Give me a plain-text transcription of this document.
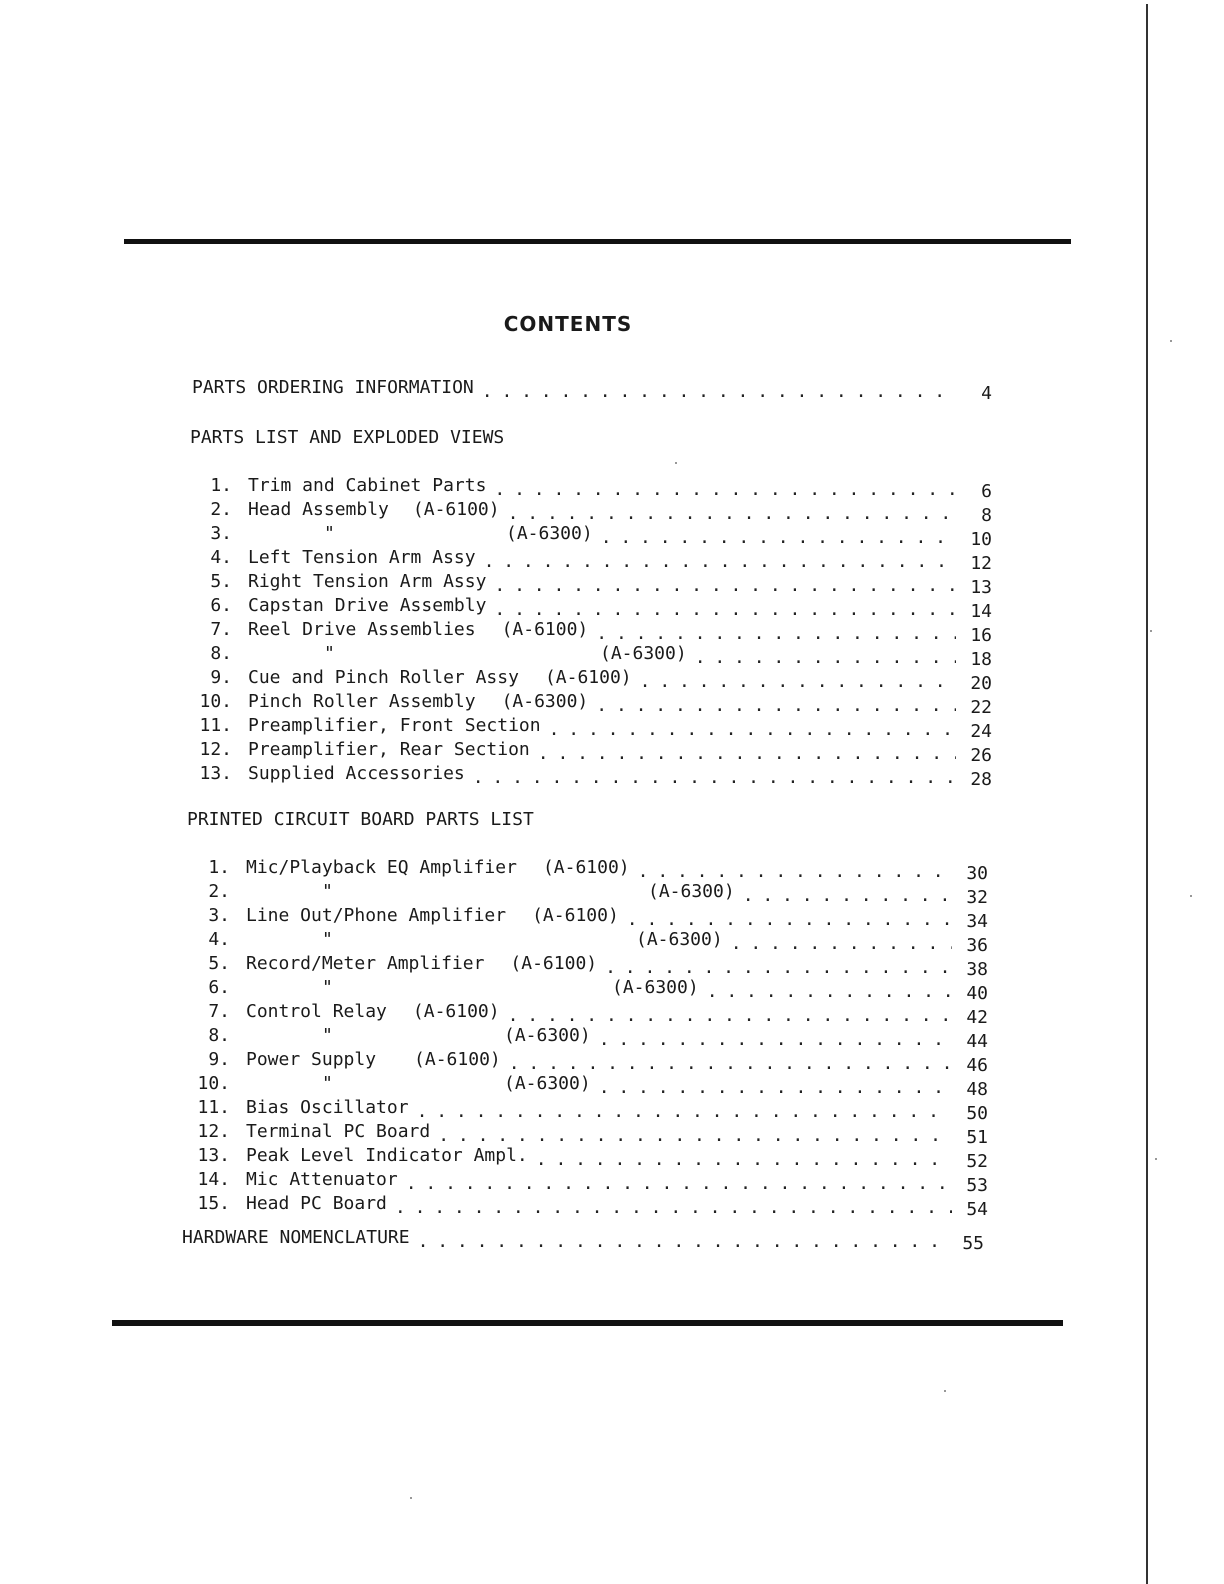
CONTENTS
PARTS ORDERING INFORMATION . . .	4
PARTS LIST AND EXPLODED VIEWS
1. Trim and Cabinet Parts . . .	6
2. Head Assembly	(A-6100) . . .	8
3.	"	(A-6300) . . .	10
4. Left Tension Arm Assy . . .	12
5. Right Tension Arm Assy . . .	13
6. Capstan Drive Assembly . . .	14
7. Reel Drive Assemblies	(A-6100) . . .	16
8.	"	(A-6300) . . .	18
9. Cue and Pinch Roller Assy	(A-6100) . . .	20
10. Pinch Roller Assembly	(A-6300) . . .	22
11. Preamplifier, Front Section . . .	24
12. Preamplifier, Rear Section . . .	26
13. Supplied Accessories . . .	28
PRINTED CIRCUIT BOARD PARTS LIST
1. Mic/Playback EQ Amplifier	(A-6100) . . .	30
2.	"	(A-6300) . . .	32
3. Line Out/Phone Amplifier	(A-6100) . . .	34
4.	"	(A-6300) . . .	36
5. Record/Meter Amplifier	(A-6100) . . .	38
6.	"	(A-6300) . . .	40
7. Control Relay	(A-6100) . . .	42
8.	"	(A-6300) . . .	44
9. Power Supply	(A-6100) . . .	46
10.	"	(A-6300) . . .	48
11. Bias Oscillator . . .	50
12. Terminal PC Board . . .	51
13. Peak Level Indicator Ampl. . . .	52
14. Mic Attenuator . . .	53
15. Head PC Board . . .	54
HARDWARE NOMENCLATURE . . .	55
